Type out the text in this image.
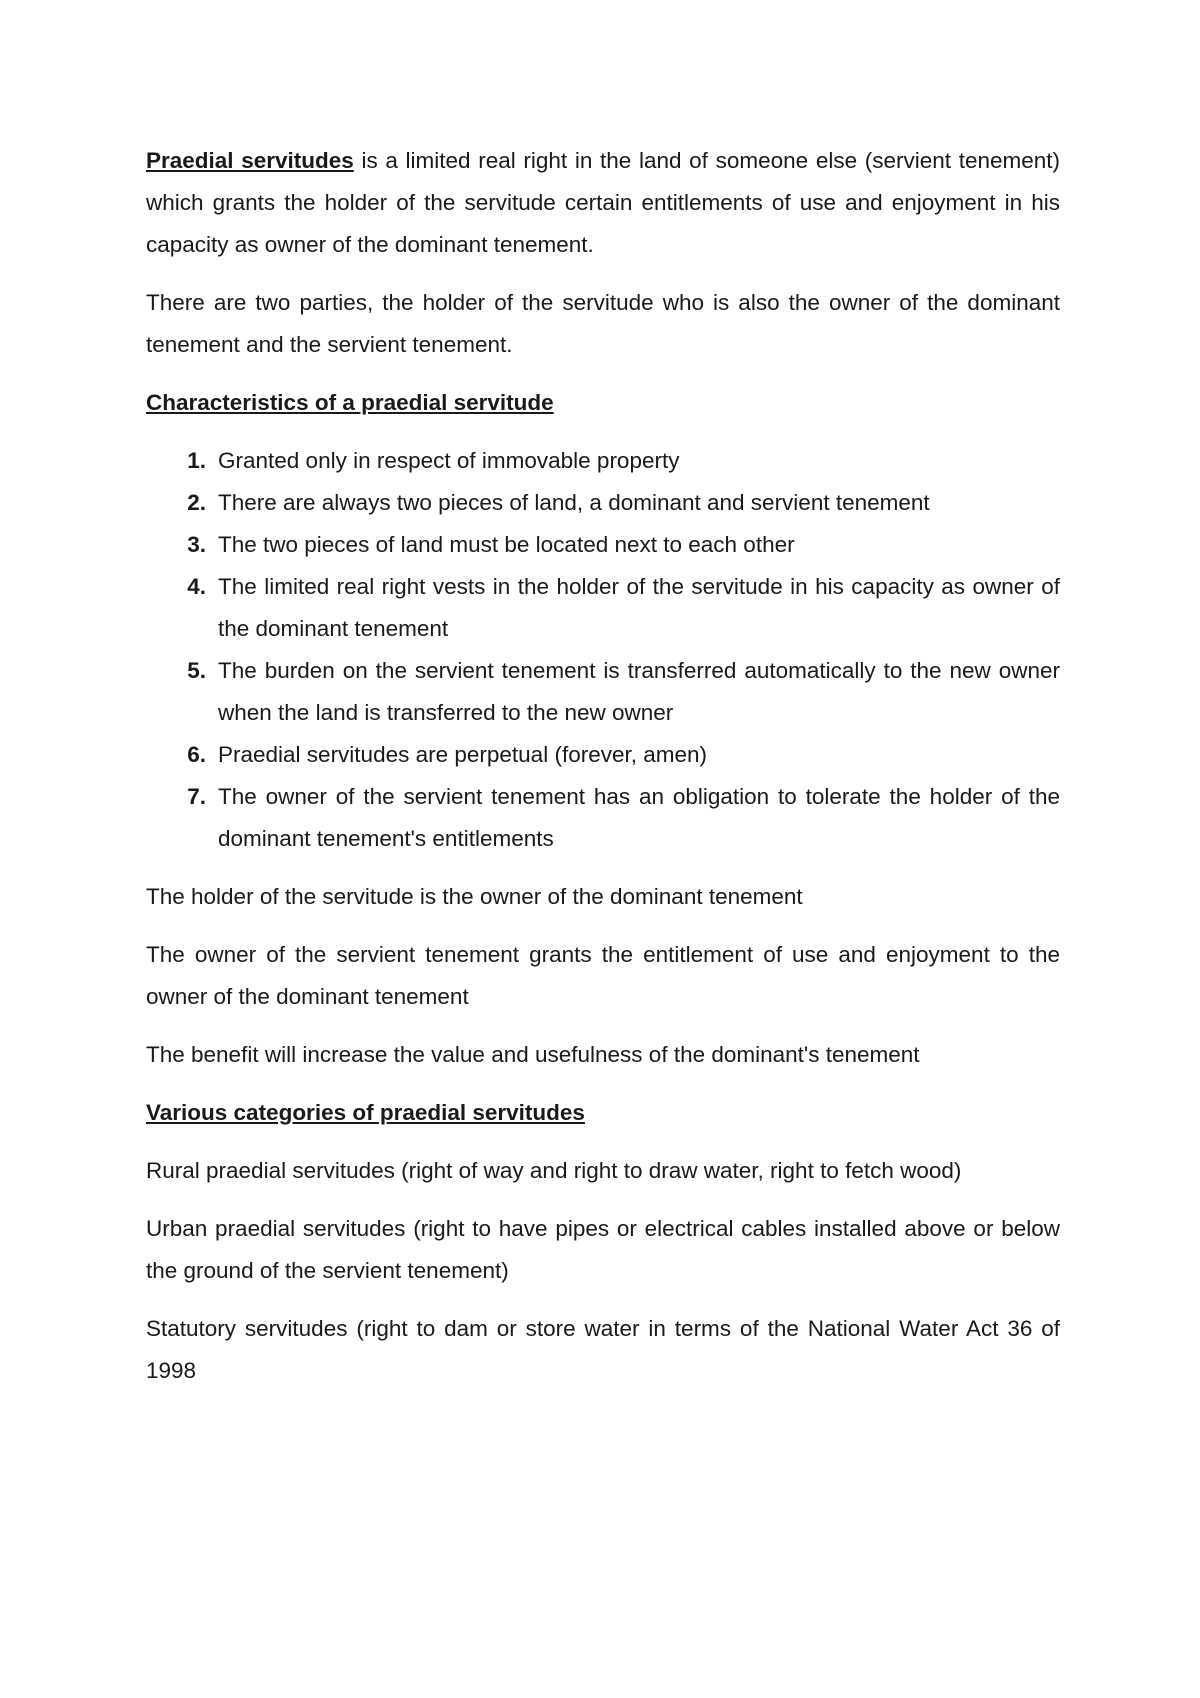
Praedial servitudes is a limited real right in the land of someone else (servient tenement) which grants the holder of the servitude certain entitlements of use and enjoyment in his capacity as owner of the dominant tenement.

There are two parties, the holder of the servitude who is also the owner of the dominant tenement and the servient tenement.

Characteristics of a praedial servitude
1. Granted only in respect of immovable property
2. There are always two pieces of land, a dominant and servient tenement
3. The two pieces of land must be located next to each other
4. The limited real right vests in the holder of the servitude in his capacity as owner of the dominant tenement
5. The burden on the servient tenement is transferred automatically to the new owner when the land is transferred to the new owner
6. Praedial servitudes are perpetual (forever, amen)
7. The owner of the servient tenement has an obligation to tolerate the holder of the dominant tenement's entitlements

The holder of the servitude is the owner of the dominant tenement

The owner of the servient tenement grants the entitlement of use and enjoyment to the owner of the dominant tenement

The benefit will increase the value and usefulness of the dominant's tenement

Various categories of praedial servitudes

Rural praedial servitudes (right of way and right to draw water, right to fetch wood)

Urban praedial servitudes (right to have pipes or electrical cables installed above or below the ground of the servient tenement)

Statutory servitudes (right to dam or store water in terms of the National Water Act 36 of 1998
